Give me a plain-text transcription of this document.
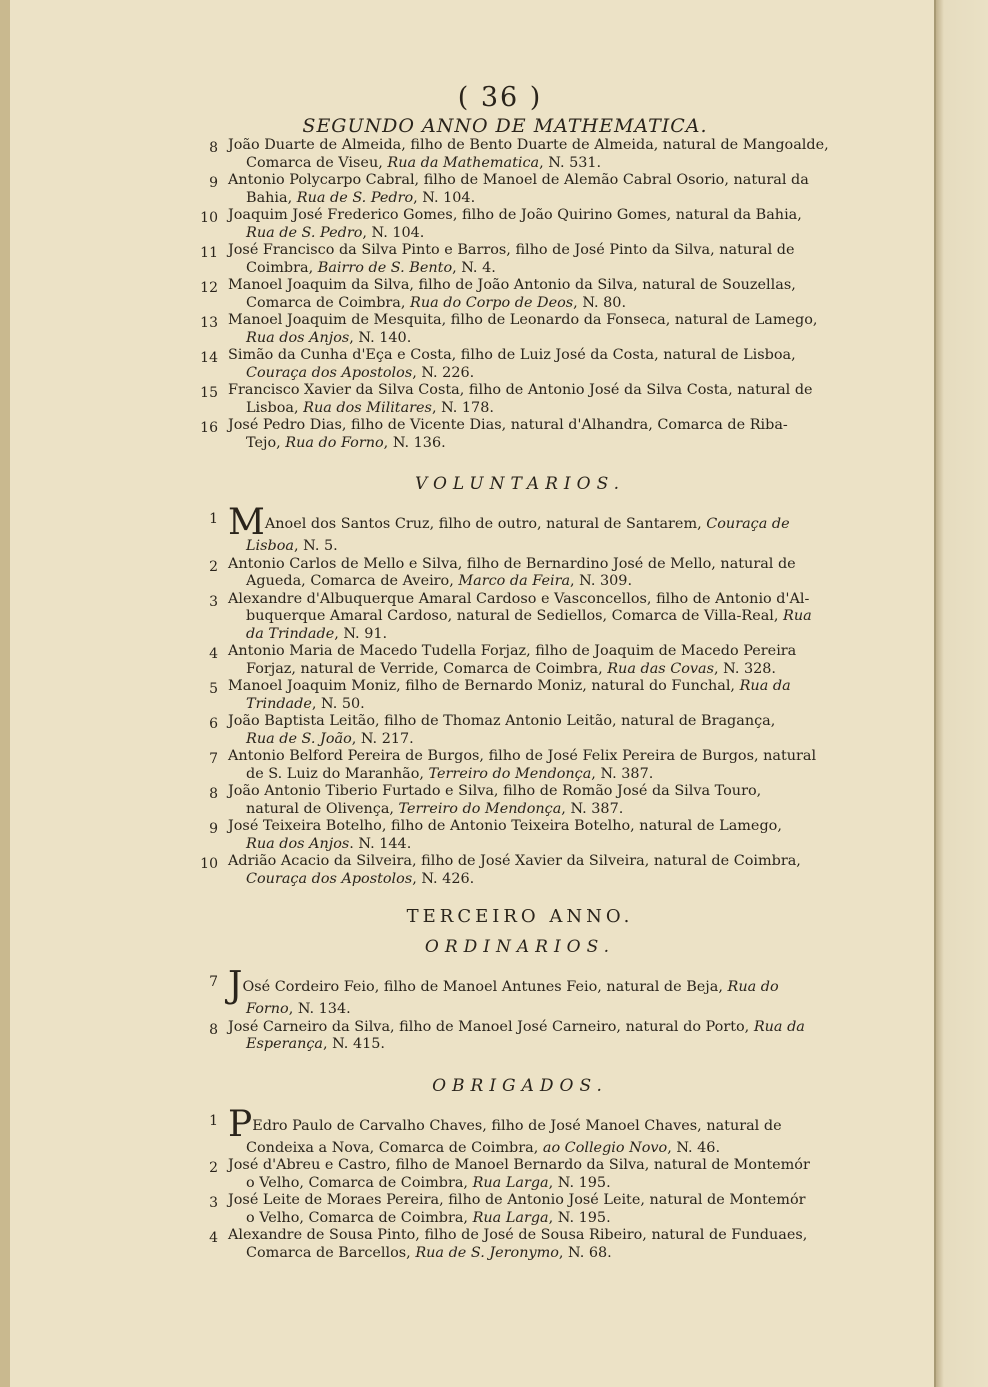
( 36 )
SEGUNDO ANNO DE MATHEMATICA.
8 João Duarte de Almeida, filho de Bento Duarte de Almeida, natural de Mangoalde,
Comarca de Viseu, Rua da Mathematica, N. 531.
9 Antonio Polycarpo Cabral, filho de Manoel de Alemão Cabral Osorio, natural da
Bahia, Rua de S. Pedro, N. 104.
10 Joaquim José Frederico Gomes, filho de João Quirino Gomes, natural da Bahia,
Rua de S. Pedro, N. 104.
11 José Francisco da Silva Pinto e Barros, filho de José Pinto da Silva, natural de
Coimbra, Bairro de S. Bento, N. 4.
12 Manoel Joaquim da Silva, filho de João Antonio da Silva, natural de Souzellas,
Comarca de Coimbra, Rua do Corpo de Deos, N. 80.
13 Manoel Joaquim de Mesquita, filho de Leonardo da Fonseca, natural de Lamego,
Rua dos Anjos, N. 140.
14 Simão da Cunha d'Eça e Costa, filho de Luiz José da Costa, natural de Lisboa,
Couraça dos Apostolos, N. 226.
15 Francisco Xavier da Silva Costa, filho de Antonio José da Silva Costa, natural de
Lisboa, Rua dos Militares, N. 178.
16 José Pedro Dias, filho de Vicente Dias, natural d'Alhandra, Comarca de Riba-
Tejo, Rua do Forno, N. 136.
VOLUNTARIOS.
1 MAnoel dos Santos Cruz, filho de outro, natural de Santarem, Couraça de
Lisboa, N. 5.
2 Antonio Carlos de Mello e Silva, filho de Bernardino José de Mello, natural de
Agueda, Comarca de Aveiro, Marco da Feira, N. 309.
3 Alexandre d'Albuquerque Amaral Cardoso e Vasconcellos, filho de Antonio d'Al-
buquerque Amaral Cardoso, natural de Sediellos, Comarca de Villa-Real, Rua
da Trindade, N. 91.
4 Antonio Maria de Macedo Tudella Forjaz, filho de Joaquim de Macedo Pereira
Forjaz, natural de Verride, Comarca de Coimbra, Rua das Covas, N. 328.
5 Manoel Joaquim Moniz, filho de Bernardo Moniz, natural do Funchal, Rua da
Trindade, N. 50.
6 João Baptista Leitão, filho de Thomaz Antonio Leitão, natural de Bragança,
Rua de S. João, N. 217.
7 Antonio Belford Pereira de Burgos, filho de José Felix Pereira de Burgos, natural
de S. Luiz do Maranhão, Terreiro do Mendonça, N. 387.
8 João Antonio Tiberio Furtado e Silva, filho de Romão José da Silva Touro,
natural de Olivença, Terreiro do Mendonça, N. 387.
9 José Teixeira Botelho, filho de Antonio Teixeira Botelho, natural de Lamego,
Rua dos Anjos. N. 144.
10 Adrião Acacio da Silveira, filho de José Xavier da Silveira, natural de Coimbra,
Couraça dos Apostolos, N. 426.
TERCEIRO ANNO.
ORDINARIOS.
7 JOsé Cordeiro Feio, filho de Manoel Antunes Feio, natural de Beja, Rua do
Forno, N. 134.
8 José Carneiro da Silva, filho de Manoel José Carneiro, natural do Porto, Rua da
Esperança, N. 415.
OBRIGADOS.
1 PEdro Paulo de Carvalho Chaves, filho de José Manoel Chaves, natural de
Condeixa a Nova, Comarca de Coimbra, ao Collegio Novo, N. 46.
2 José d'Abreu e Castro, filho de Manoel Bernardo da Silva, natural de Montemór
o Velho, Comarca de Coimbra, Rua Larga, N. 195.
3 José Leite de Moraes Pereira, filho de Antonio José Leite, natural de Montemór
o Velho, Comarca de Coimbra, Rua Larga, N. 195.
4 Alexandre de Sousa Pinto, filho de José de Sousa Ribeiro, natural de Funduaes,
Comarca de Barcellos, Rua de S. Jeronymo, N. 68.
